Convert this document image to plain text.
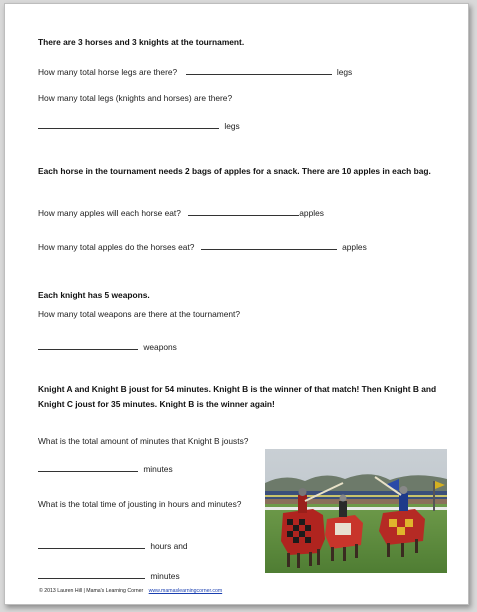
There are 3 horses and 3 knights at the tournament.
How many total horse legs are there?	legs
How many total legs (knights and horses) are there?
legs
Each horse in the tournament needs 2 bags of apples for a snack. There are 10 apples in each bag.
How many apples will each horse eat?	apples
How many total apples do the horses eat?	apples
Each knight has 5 weapons.
How many total weapons are there at the tournament?
weapons
Knight A and Knight B joust for 54 minutes. Knight B is the winner of that match! Then Knight B and Knight C joust for 35 minutes. Knight B is the winner again!
What is the total amount of minutes that Knight B jousts?
minutes
What is the total time of jousting in hours and minutes?
hours and
minutes
© 2013 Lauren Hill | Mama's Learning Corner www.mamaslearningcorner.com
